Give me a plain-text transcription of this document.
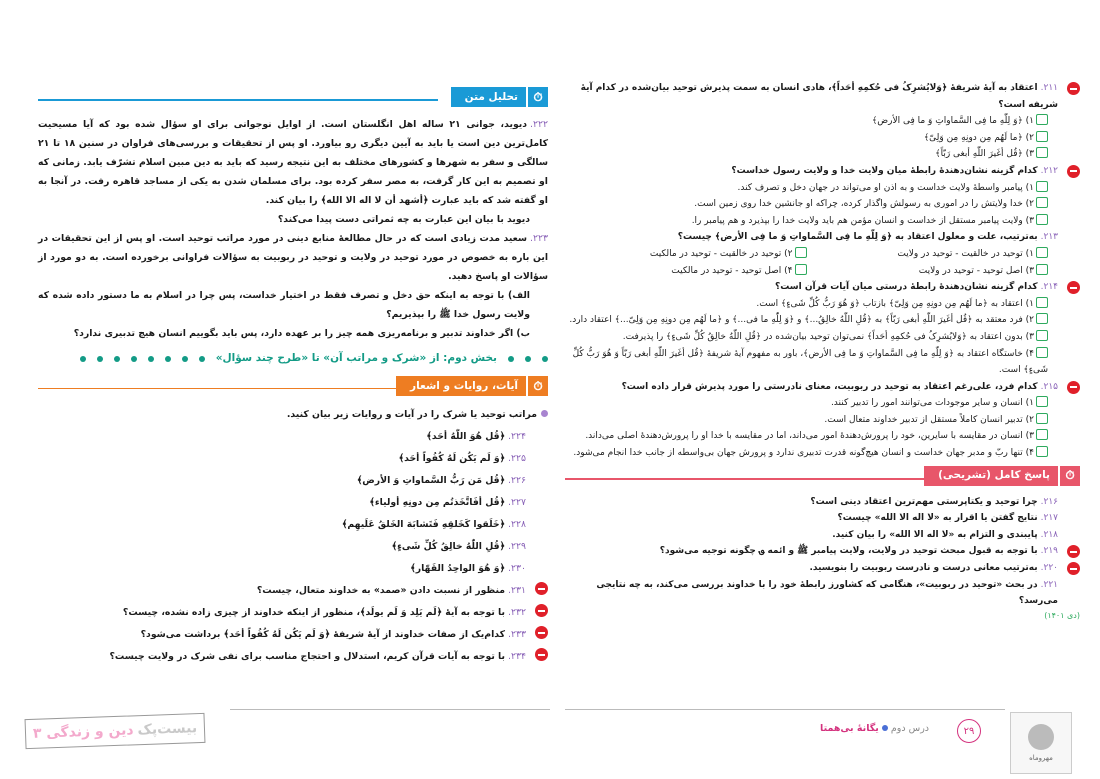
۲۱۱.اعتقاد به آیهٔ شریفهٔ ﴿وَلایُشرِکُ فی حُکمِهِ أحَداً﴾، هادی انسان به سمت پذیرش توحید بیان‌شده در کدام آیهٔ شریفه است؟
۱) ﴿وَ لِلّٰهِ ما فِی السَّماواتِ وَ ما فِی الأرض﴾
۲) ﴿ما لَهُم مِن دونِهِ مِن وَلِیّ﴾
۳) ﴿قُل أغَیرَ اللّٰهِ أبغی رَبّاً﴾
۲۱۲.کدام گزینه نشان‌دهندهٔ رابطهٔ میان ولایت خدا و ولایت رسول خداست؟
۱) پیامبر واسطهٔ ولایت خداست و به اذن او می‌تواند در جهان دخل و تصرف کند.
۲) خدا ولایتش را در اموری به رسولش واگذار کرده، چراکه او جانشین خدا روی زمین است.
۳) ولایت پیامبر مستقل از خداست و انسان مؤمن هم باید ولایت خدا را بپذیرد و هم پیامبر را.
۲۱۳.به‌ترتیب، علت و معلول اعتقاد به ﴿وَ لِلّٰهِ ما فِی السَّماواتِ وَ ما فِی الأرض﴾ چیست؟
۱) توحید در خالقیت - توحید در ولایت
۲) توحید در خالقیت - توحید در مالکیت
۳) اصل توحید - توحید در ولایت
۴) اصل توحید - توحید در مالکیت
۲۱۴.کدام گزینه نشان‌دهندهٔ رابطهٔ درستی میان آیات قرآن است؟
۱) اعتقاد به ﴿ما لَهُم مِن دونِهِ مِن وَلِیّ﴾ بازتاب ﴿وَ هُوَ رَبُّ کُلِّ شَیءٍ﴾ است.
۲) فرد معتقد به ﴿قُل أغَیرَ اللّٰهِ أبغی رَبّاً﴾ به ﴿قُلِ اللّٰهُ خالِقُ...﴾ و ﴿وَ لِلّٰهِ ما فی...﴾ و ﴿ما لَهُم مِن دونِهِ مِن وَلِیّ...﴾ اعتقاد دارد.
۳) بدون اعتقاد به ﴿وَلایُشرِکُ فی حُکمِهِ أحَداً﴾ نمی‌توان توحید بیان‌شده در ﴿قُلِ اللّٰهُ خالِقُ کُلِّ شَیءٍ﴾ را پذیرفت.
۴) خاستگاه اعتقاد به ﴿وَ لِلّٰهِ ما فِی السَّماواتِ وَ ما فِی الأرض﴾، باور به مفهوم آیهٔ شریفهٔ ﴿قُل أغَیرَ اللّٰهِ أبغی رَبّاً وَ هُوَ رَبُّ کُلِّ شَیءٍ﴾ است.
۲۱۵.کدام فرد، علی‌رغم اعتقاد به توحید در ربوبیت، معنای نادرستی را مورد پذیرش قرار داده است؟
۱) انسان و سایر موجودات می‌توانند امور را تدبیر کنند.
۲) تدبیر انسان کاملاً مستقل از تدبیر خداوند متعال است.
۳) انسان در مقایسه با سایرین، خود را پرورش‌دهندهٔ امور می‌داند، اما در مقایسه با خدا او را پرورش‌دهندهٔ اصلی می‌داند.
۴) تنها ربّ و مدبر جهان خداست و انسان هیچ‌گونه قدرت تدبیری ندارد و پرورش جهان بی‌واسطه از جانب خدا انجام می‌شود.
⏱
پاسخ کامل (تشریحی)
۲۱۶.چرا توحید و یکتاپرستی مهم‌ترین اعتقاد دینی است؟
۲۱۷.نتایج گفتن یا اقرار به «لا اله الا الله» چیست؟
۲۱۸.پایبندی و التزام به «لا اله الا الله» را بیان کنید.
۲۱۹.با توجه به قبول مبحث توحید در ولایت، ولایت پیامبر ﷺ و ائمه ؈ چگونه توجیه می‌شود؟
۲۲۰.به‌ترتیب معانی درست و نادرست ربوبیت را بنویسید.
۲۲۱.در بحث «توحید در ربوبیت»، هنگامی که کشاورز رابطهٔ خود را با خداوند بررسی می‌کند، به چه نتایجی می‌رسد؟
(دی ۱۴۰۱)
⏱
تحلیل متن
۲۲۲.دیوید، جوانی ۲۱ ساله اهل انگلستان است. از اوایل نوجوانی برای او سؤال شده بود که آیا مسیحیت کامل‌ترین دین است یا باید به آیین دیگری رو بیاورد. او پس از تحقیقات و بررسی‌های فراوان در سنین ۱۸ تا ۲۱ سالگی و سفر به شهرها و کشورهای مختلف به این نتیجه رسید که باید به دین مبین اسلام تشرّف یابد. زمانی که او تصمیم به این کار گرفت، به مصر سفر کرده بود. برای مسلمان شدن به یکی از مساجد قاهره رفت. در آنجا به او گفته شد که باید عبارت ﴿أشهد أن لا اله الا الله﴾ را بیان کند.
دیوید با بیان این عبارت به چه ثمراتی دست پیدا می‌کند؟
۲۲۳.سعید مدت زیادی است که در حال مطالعهٔ منابع دینی در مورد مراتب توحید است. او پس از این تحقیقات در این باره به خصوص در مورد توحید در ولایت و توحید در ربوبیت به سؤالات فراوانی برخورده است. به دو مورد از سؤالات او پاسخ دهید.
الف) با توجه به اینکه حق دخل و تصرف فقط در اختیار خداست، پس چرا در اسلام به ما دستور داده شده که ولایت رسول خدا ﷺ را بپذیریم؟
ب) اگر خداوند تدبیر و برنامه‌ریزی همه چیز را بر عهده دارد، پس باید بگوییم انسان هیچ تدبیری ندارد؟
بخش دوم: از «شرک و مراتب آن» تا «طرح چند سؤال»
⏱
آیات، روایات و اشعار
مراتب توحید یا شرک را در آیات و روایات زیر بیان کنید.
۲۲۴.﴿قُل هُوَ اللّٰهُ أحَد﴾
۲۲۵.﴿وَ لَم یَکُن لَهُ کُفُواً أحَد﴾
۲۲۶.﴿قُل مَن رَبُّ السَّماواتِ وَ الأرض﴾
۲۲۷.﴿قُل أفَاتَّخَذتُم مِن دونِهِ أولیاء﴾
۲۲۸.﴿خَلَقوا کَخَلقِهِ فَتَشابَهَ الخَلقُ عَلَیهِم﴾
۲۲۹.﴿قُلِ اللّٰهُ خالِقُ کُلِّ شَیءٍ﴾
۲۳۰.﴿وَ هُوَ الواحِدُ القَهّار﴾
۲۳۱.منظور از نسبت دادن «صمد» به خداوند متعال، چیست؟
۲۳۲.با توجه به آیهٔ ﴿لَم یَلِد وَ لَم یولَد﴾، منظور از اینکه خداوند از چیزی زاده نشده، چیست؟
۲۳۳.کدام‌یک از صفات خداوند از آیهٔ شریفهٔ ﴿وَ لَم یَکُن لَهُ کُفُواً أحَد﴾ برداشت می‌شود؟
۲۳۴.با توجه به آیات قرآن کریم، استدلال و احتجاج مناسب برای نفی شرک در ولایت چیست؟
بیست‌پک
دین و زندگی ۳	درس دومیگانهٔ بی‌همتا	۲۹
مهروماه
